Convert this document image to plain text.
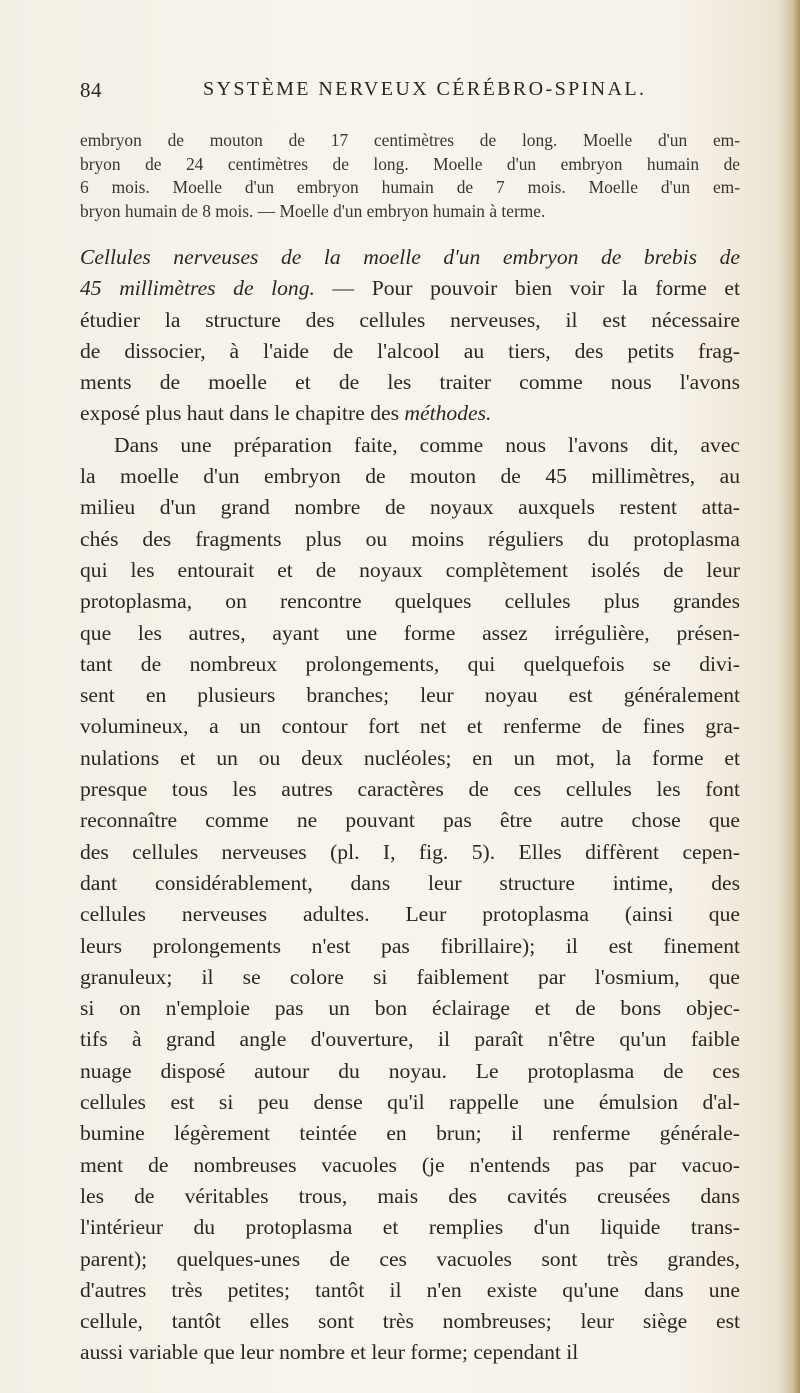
84	SYSTÈME NERVEUX CÉRÉBRO-SPINAL.
embryon de mouton de 17 centimètres de long. Moelle d'un em-
bryon de 24 centimètres de long. Moelle d'un embryon humain de
6 mois. Moelle d'un embryon humain de 7 mois. Moelle d'un em-
bryon humain de 8 mois. — Moelle d'un embryon humain à terme.
Cellules nerveuses de la moelle d'un embryon de brebis de
45 millimètres de long. — Pour pouvoir bien voir la forme et
étudier la structure des cellules nerveuses, il est nécessaire
de dissocier, à l'aide de l'alcool au tiers, des petits frag-
ments de moelle et de les traiter comme nous l'avons
exposé plus haut dans le chapitre des méthodes.
Dans une préparation faite, comme nous l'avons dit, avec
la moelle d'un embryon de mouton de 45 millimètres, au
milieu d'un grand nombre de noyaux auxquels restent atta-
chés des fragments plus ou moins réguliers du protoplasma
qui les entourait et de noyaux complètement isolés de leur
protoplasma, on rencontre quelques cellules plus grandes
que les autres, ayant une forme assez irrégulière, présen-
tant de nombreux prolongements, qui quelquefois se divi-
sent en plusieurs branches; leur noyau est généralement
volumineux, a un contour fort net et renferme de fines gra-
nulations et un ou deux nucléoles; en un mot, la forme et
presque tous les autres caractères de ces cellules les font
reconnaître comme ne pouvant pas être autre chose que
des cellules nerveuses (pl. I, fig. 5). Elles diffèrent cepen-
dant considérablement, dans leur structure intime, des
cellules nerveuses adultes. Leur protoplasma (ainsi que
leurs prolongements n'est pas fibrillaire); il est finement
granuleux; il se colore si faiblement par l'osmium, que
si on n'emploie pas un bon éclairage et de bons objec-
tifs à grand angle d'ouverture, il paraît n'être qu'un faible
nuage disposé autour du noyau. Le protoplasma de ces
cellules est si peu dense qu'il rappelle une émulsion d'al-
bumine légèrement teintée en brun; il renferme générale-
ment de nombreuses vacuoles (je n'entends pas par vacuo-
les de véritables trous, mais des cavités creusées dans
l'intérieur du protoplasma et remplies d'un liquide trans-
parent); quelques-unes de ces vacuoles sont très grandes,
d'autres très petites; tantôt il n'en existe qu'une dans une
cellule, tantôt elles sont très nombreuses; leur siège est
aussi variable que leur nombre et leur forme; cependant il
